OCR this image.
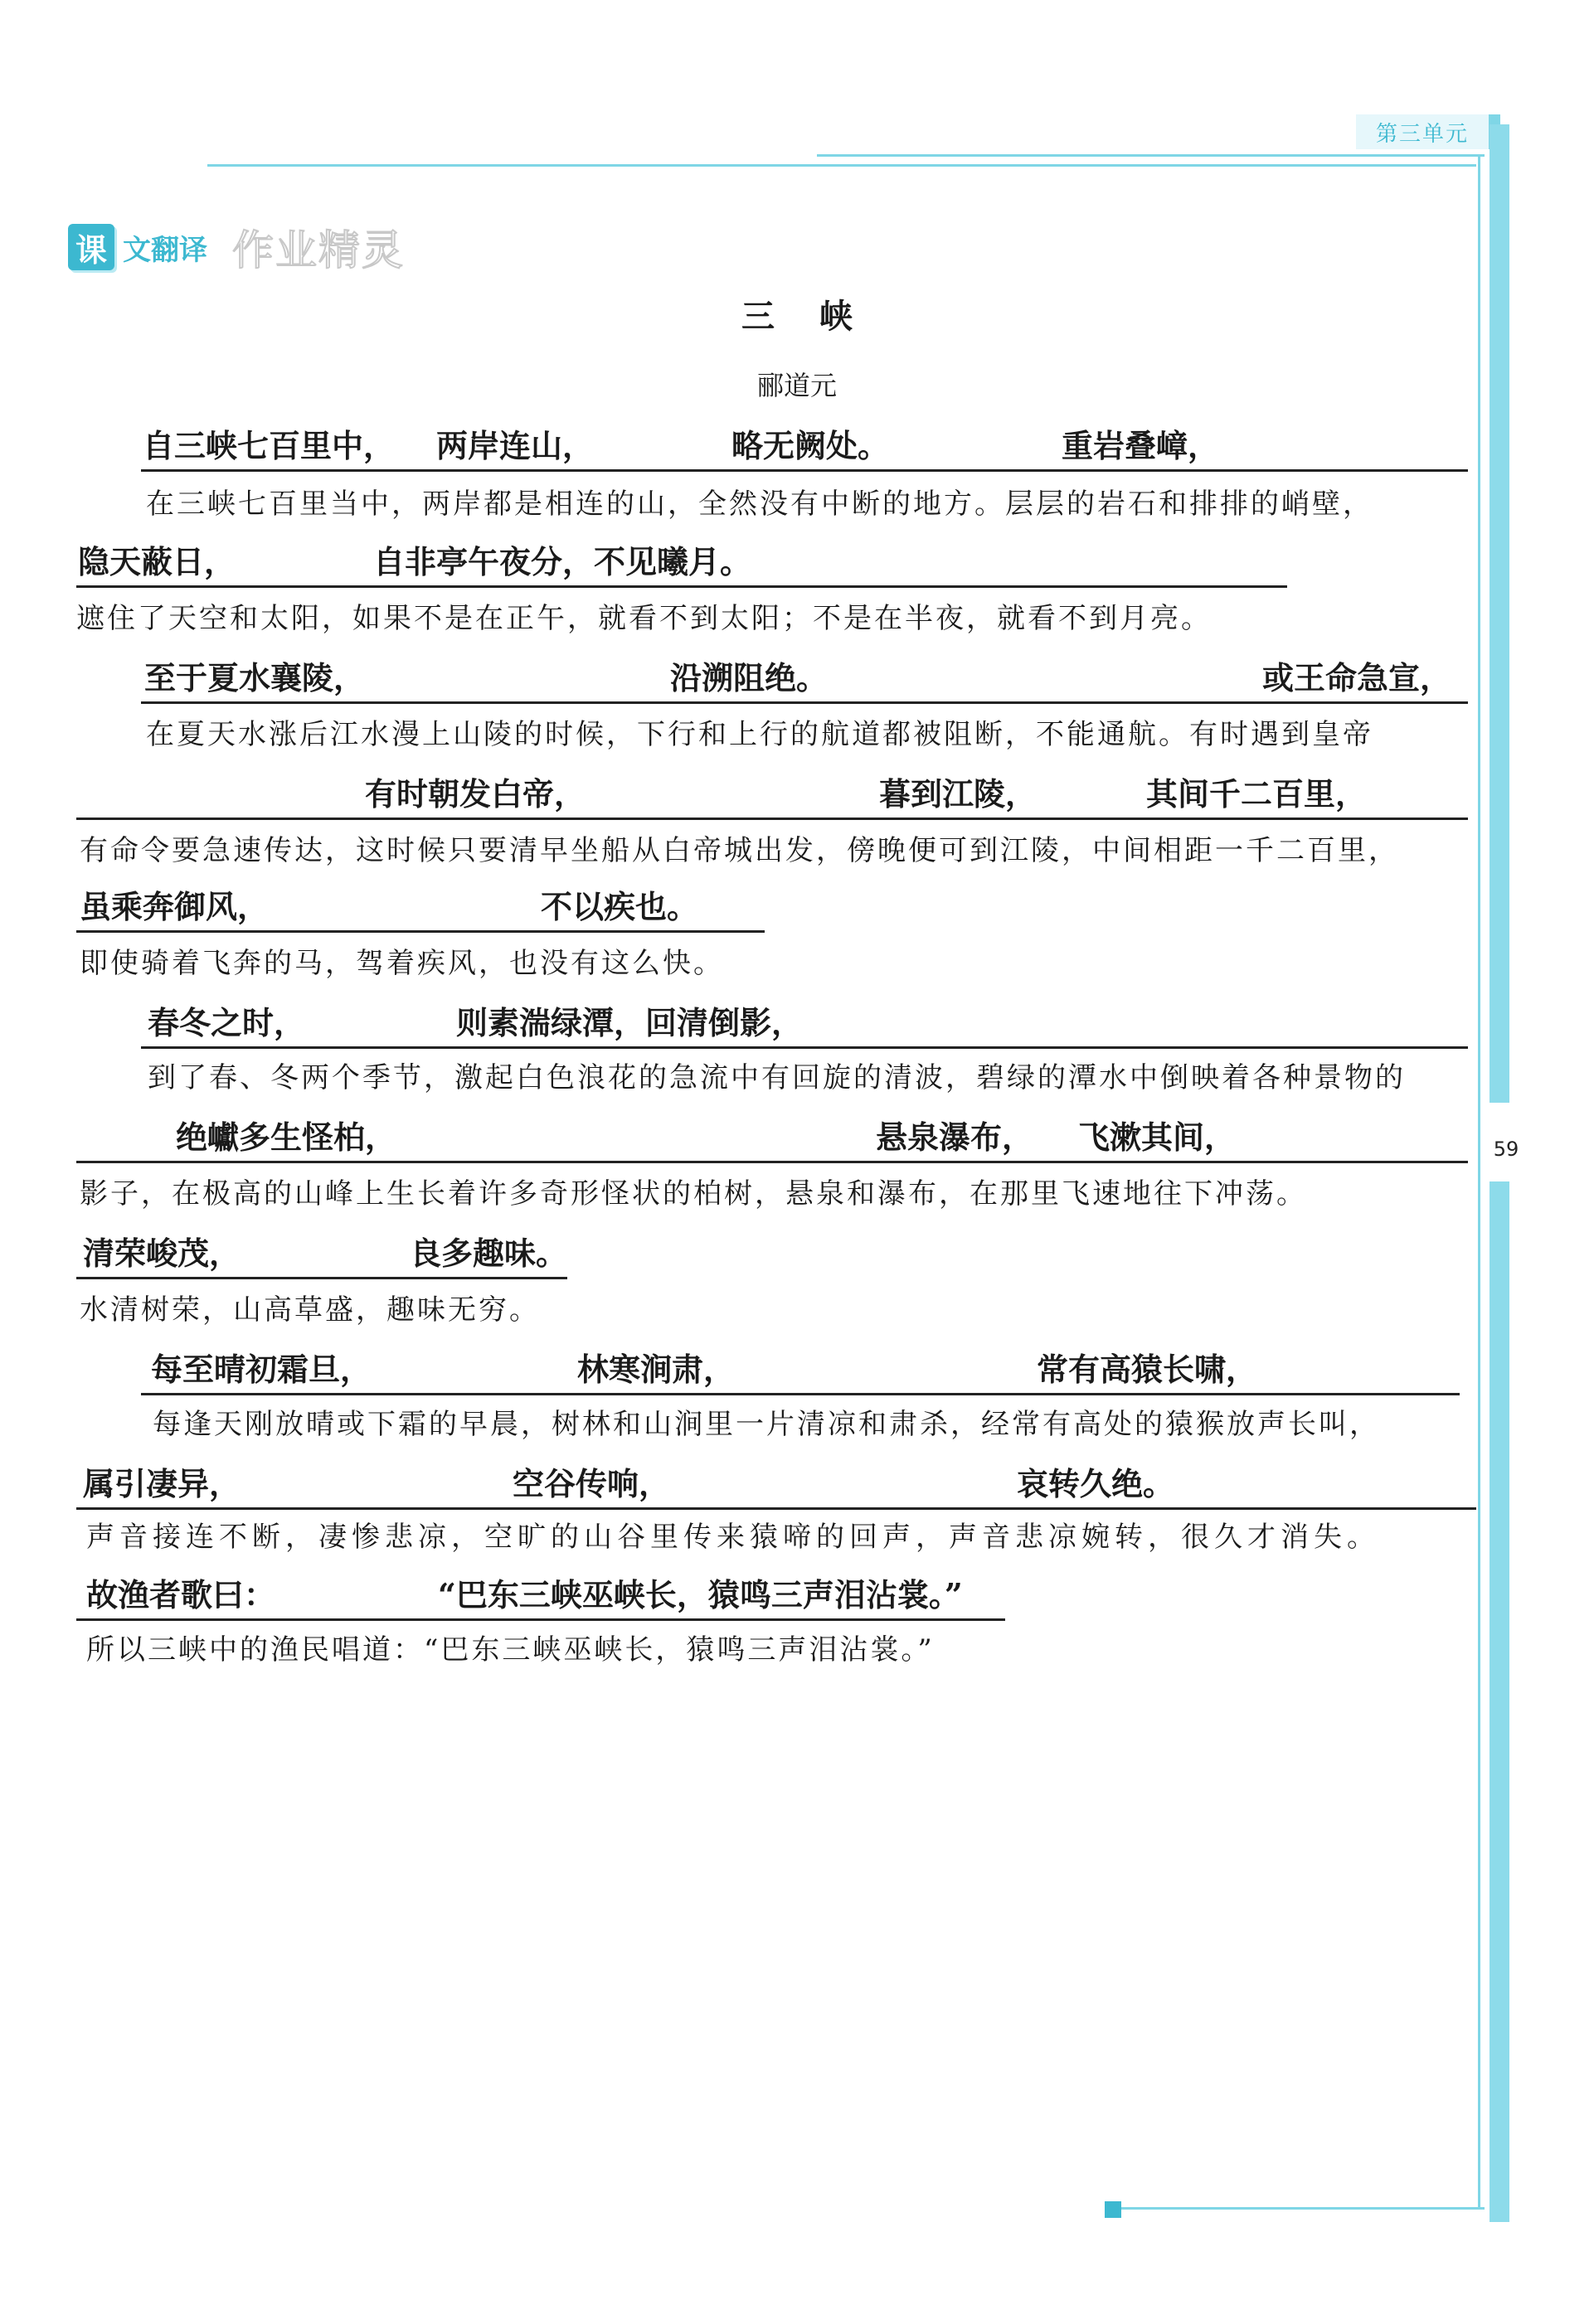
第三单元
59
课 文翻译 作业精灵
三 峡
郦道元
自三峡七百里中， 两岸连山，	略无阙处。	重岩叠嶂，
在三峡七百里当中，两岸都是相连的山，全然没有中断的地方。层层的岩石和排排的峭壁，
隐天蔽日，	自非亭午夜分，不见曦月。
遮住了天空和太阳，如果不是在正午，就看不到太阳；不是在半夜，就看不到月亮。
至于夏水襄陵，	沿溯阻绝。	或王命急宣，
在夏天水涨后江水漫上山陵的时候，下行和上行的航道都被阻断，不能通航。有时遇到皇帝
有时朝发白帝，	暮到江陵，	其间千二百里，
有命令要急速传达，这时候只要清早坐船从白帝城出发，傍晚便可到江陵，中间相距一千二百里，
虽乘奔御风，	不以疾也。
即使骑着飞奔的马，驾着疾风，也没有这么快。
春冬之时，	则素湍绿潭，回清倒影，
到了春、冬两个季节，激起白色浪花的急流中有回旋的清波，碧绿的潭水中倒映着各种景物的
绝巘多生怪柏，	悬泉瀑布， 飞漱其间，
影子，在极高的山峰上生长着许多奇形怪状的柏树，悬泉和瀑布，在那里飞速地往下冲荡。
清荣峻茂，	良多趣味。
水清树荣，山高草盛，趣味无穷。
每至晴初霜旦，	林寒涧肃，	常有高猿长啸，
每逢天刚放晴或下霜的早晨，树林和山涧里一片清凉和肃杀，经常有高处的猿猴放声长叫，
属引凄异，	空谷传响，	哀转久绝。
声音接连不断，凄惨悲凉，空旷的山谷里传来猿啼的回声，声音悲凉婉转，很久才消失。
故渔者歌曰：	“巴东三峡巫峡长，猿鸣三声泪沾裳。”
所以三峡中的渔民唱道：“巴东三峡巫峡长，猿鸣三声泪沾裳。”
